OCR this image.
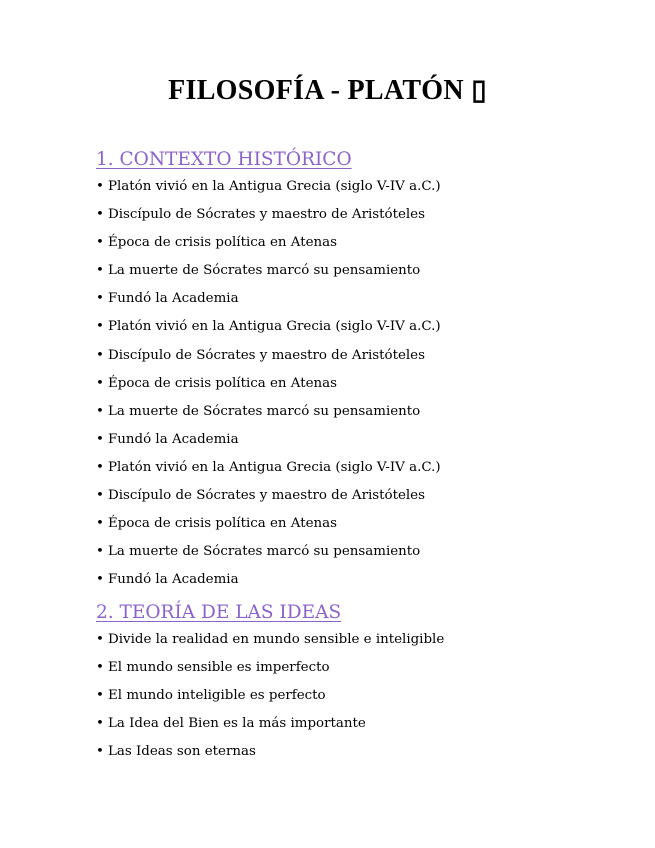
FILOSOFÍA - PLATÓN ▯
1. CONTEXTO HISTÓRICO
• Platón vivió en la Antigua Grecia (siglo V-IV a.C.)
• Discípulo de Sócrates y maestro de Aristóteles
• Época de crisis política en Atenas
• La muerte de Sócrates marcó su pensamiento
• Fundó la Academia
• Platón vivió en la Antigua Grecia (siglo V-IV a.C.)
• Discípulo de Sócrates y maestro de Aristóteles
• Época de crisis política en Atenas
• La muerte de Sócrates marcó su pensamiento
• Fundó la Academia
• Platón vivió en la Antigua Grecia (siglo V-IV a.C.)
• Discípulo de Sócrates y maestro de Aristóteles
• Época de crisis política en Atenas
• La muerte de Sócrates marcó su pensamiento
• Fundó la Academia
2. TEORÍA DE LAS IDEAS
• Divide la realidad en mundo sensible e inteligible
• El mundo sensible es imperfecto
• El mundo inteligible es perfecto
• La Idea del Bien es la más importante
• Las Ideas son eternas
